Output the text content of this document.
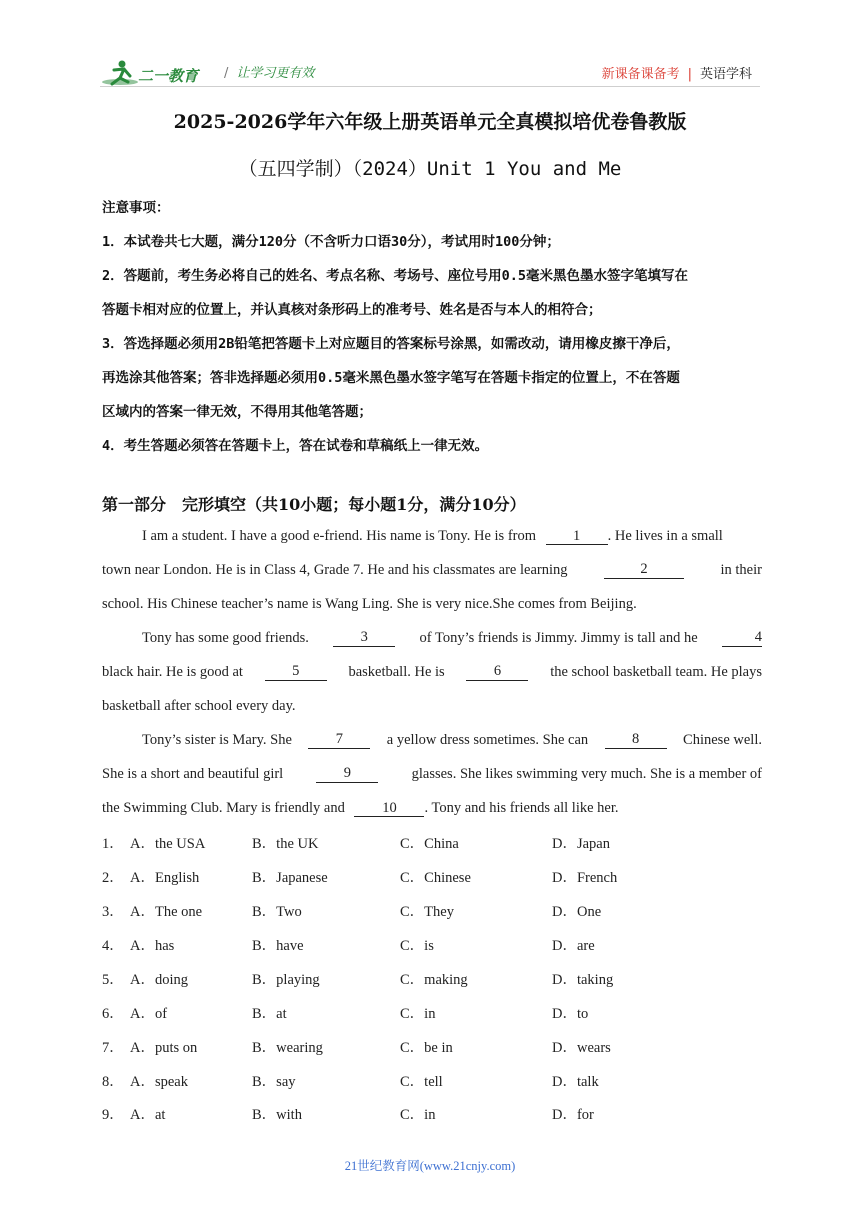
二一教育 / 让学习更有效	新课备课备考 | 英语学科
2025-2026学年六年级上册英语单元全真模拟培优卷鲁教版
（五四学制）（2024）Unit 1 You and Me
注意事项：
1．本试卷共七大题，满分120分（不含听力口语30分），考试用时100分钟；
2．答题前，考生务必将自己的姓名、考点名称、考场号、座位号用0.5毫米黑色墨水签字笔填写在
答题卡相对应的位置上，并认真核对条形码上的准考号、姓名是否与本人的相符合；
3．答选择题必须用2B铅笔把答题卡上对应题目的答案标号涂黑，如需改动，请用橡皮擦干净后，
再选涂其他答案；答非选择题必须用0.5毫米黑色墨水签字笔写在答题卡指定的位置上，不在答题
区域内的答案一律无效，不得用其他笔答题；
4．考生答题必须答在答题卡上，答在试卷和草稿纸上一律无效。
第一部分　完形填空（共10小题；每小题1分，满分10分）
I am a student. I have a good e-friend. His name is Tony. He is from	1 . He lives in a small
town near London. He is in Class 4, Grade 7. He and his classmates are learning	2	in their
school. His Chinese teacher’s name is Wang Ling. She is very nice.She comes from Beijing.
Tony has some good friends.	3	of Tony’s friends is Jimmy. Jimmy is tall and he	4
black hair. He is good at	5	basketball. He is	6	the school basketball team. He plays
basketball after school every day.
Tony’s sister is Mary. She	7	a yellow dress sometimes. She can	8	Chinese well.
She is a short and beautiful girl	9	glasses. She likes swimming very much. She is a member of
the Swimming Club. Mary is friendly and	10 . Tony and his friends all like her.
1． A．the USA	B．the UK	C．China	D．Japan
2． A．English	B．Japanese	C．Chinese	D．French
3． A．The one	B．Two	C．They	D．One
4． A．has	B．have	C．is	D．are
5． A．doing	B．playing	C．making	D．taking
6． A．of	B．at	C．in	D．to
7． A．puts on	B．wearing	C．be in	D．wears
8． A．speak	B．say	C．tell	D．talk
9． A．at	B．with	C．in	D．for
21世纪教育网(www.21cnjy.com)
